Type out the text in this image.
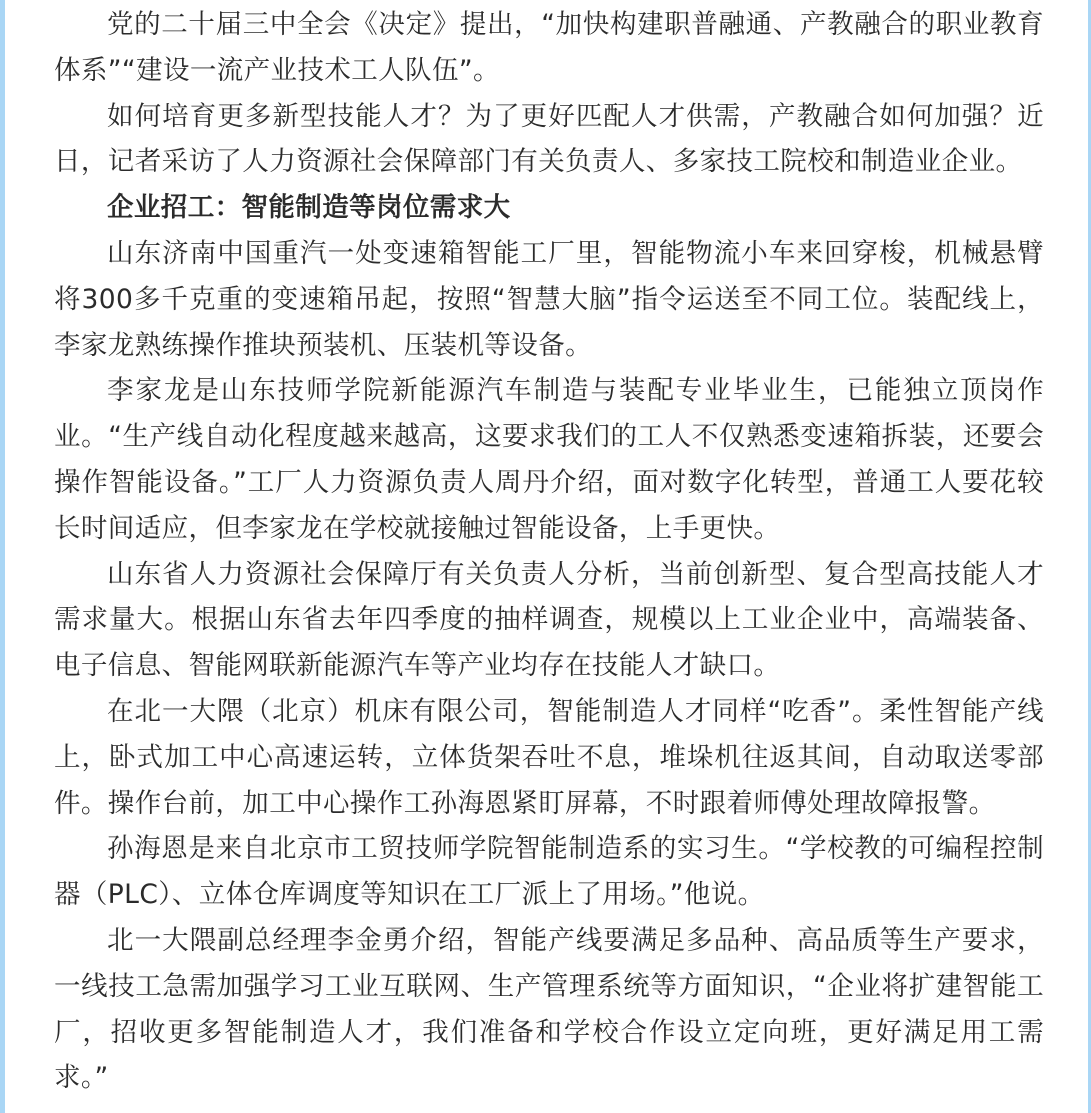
党的二十届三中全会《决定》提出，“加快构建职普融通、产教融合的职业教育体系”“建设一流产业技术工人队伍”。

如何培育更多新型技能人才？为了更好匹配人才供需，产教融合如何加强？近日，记者采访了人力资源社会保障部门有关负责人、多家技工院校和制造业企业。

企业招工：智能制造等岗位需求大

山东济南中国重汽一处变速箱智能工厂里，智能物流小车来回穿梭，机械悬臂将300多千克重的变速箱吊起，按照“智慧大脑”指令运送至不同工位。装配线上，李家龙熟练操作推块预装机、压装机等设备。

李家龙是山东技师学院新能源汽车制造与装配专业毕业生，已能独立顶岗作业。“生产线自动化程度越来越高，这要求我们的工人不仅熟悉变速箱拆装，还要会操作智能设备。”工厂人力资源负责人周丹介绍，面对数字化转型，普通工人要花较长时间适应，但李家龙在学校就接触过智能设备，上手更快。

山东省人力资源社会保障厅有关负责人分析，当前创新型、复合型高技能人才需求量大。根据山东省去年四季度的抽样调查，规模以上工业企业中，高端装备、电子信息、智能网联新能源汽车等产业均存在技能人才缺口。

在北一大隈（北京）机床有限公司，智能制造人才同样“吃香”。柔性智能产线上，卧式加工中心高速运转，立体货架吞吐不息，堆垛机往返其间，自动取送零部件。操作台前，加工中心操作工孙海恩紧盯屏幕，不时跟着师傅处理故障报警。

孙海恩是来自北京市工贸技师学院智能制造系的实习生。“学校教的可编程控制器（PLC）、立体仓库调度等知识在工厂派上了用场。”他说。

北一大隈副总经理李金勇介绍，智能产线要满足多品种、高品质等生产要求，一线技工急需加强学习工业互联网、生产管理系统等方面知识，“企业将扩建智能工厂，招收更多智能制造人才，我们准备和学校合作设立定向班，更好满足用工需求。”
